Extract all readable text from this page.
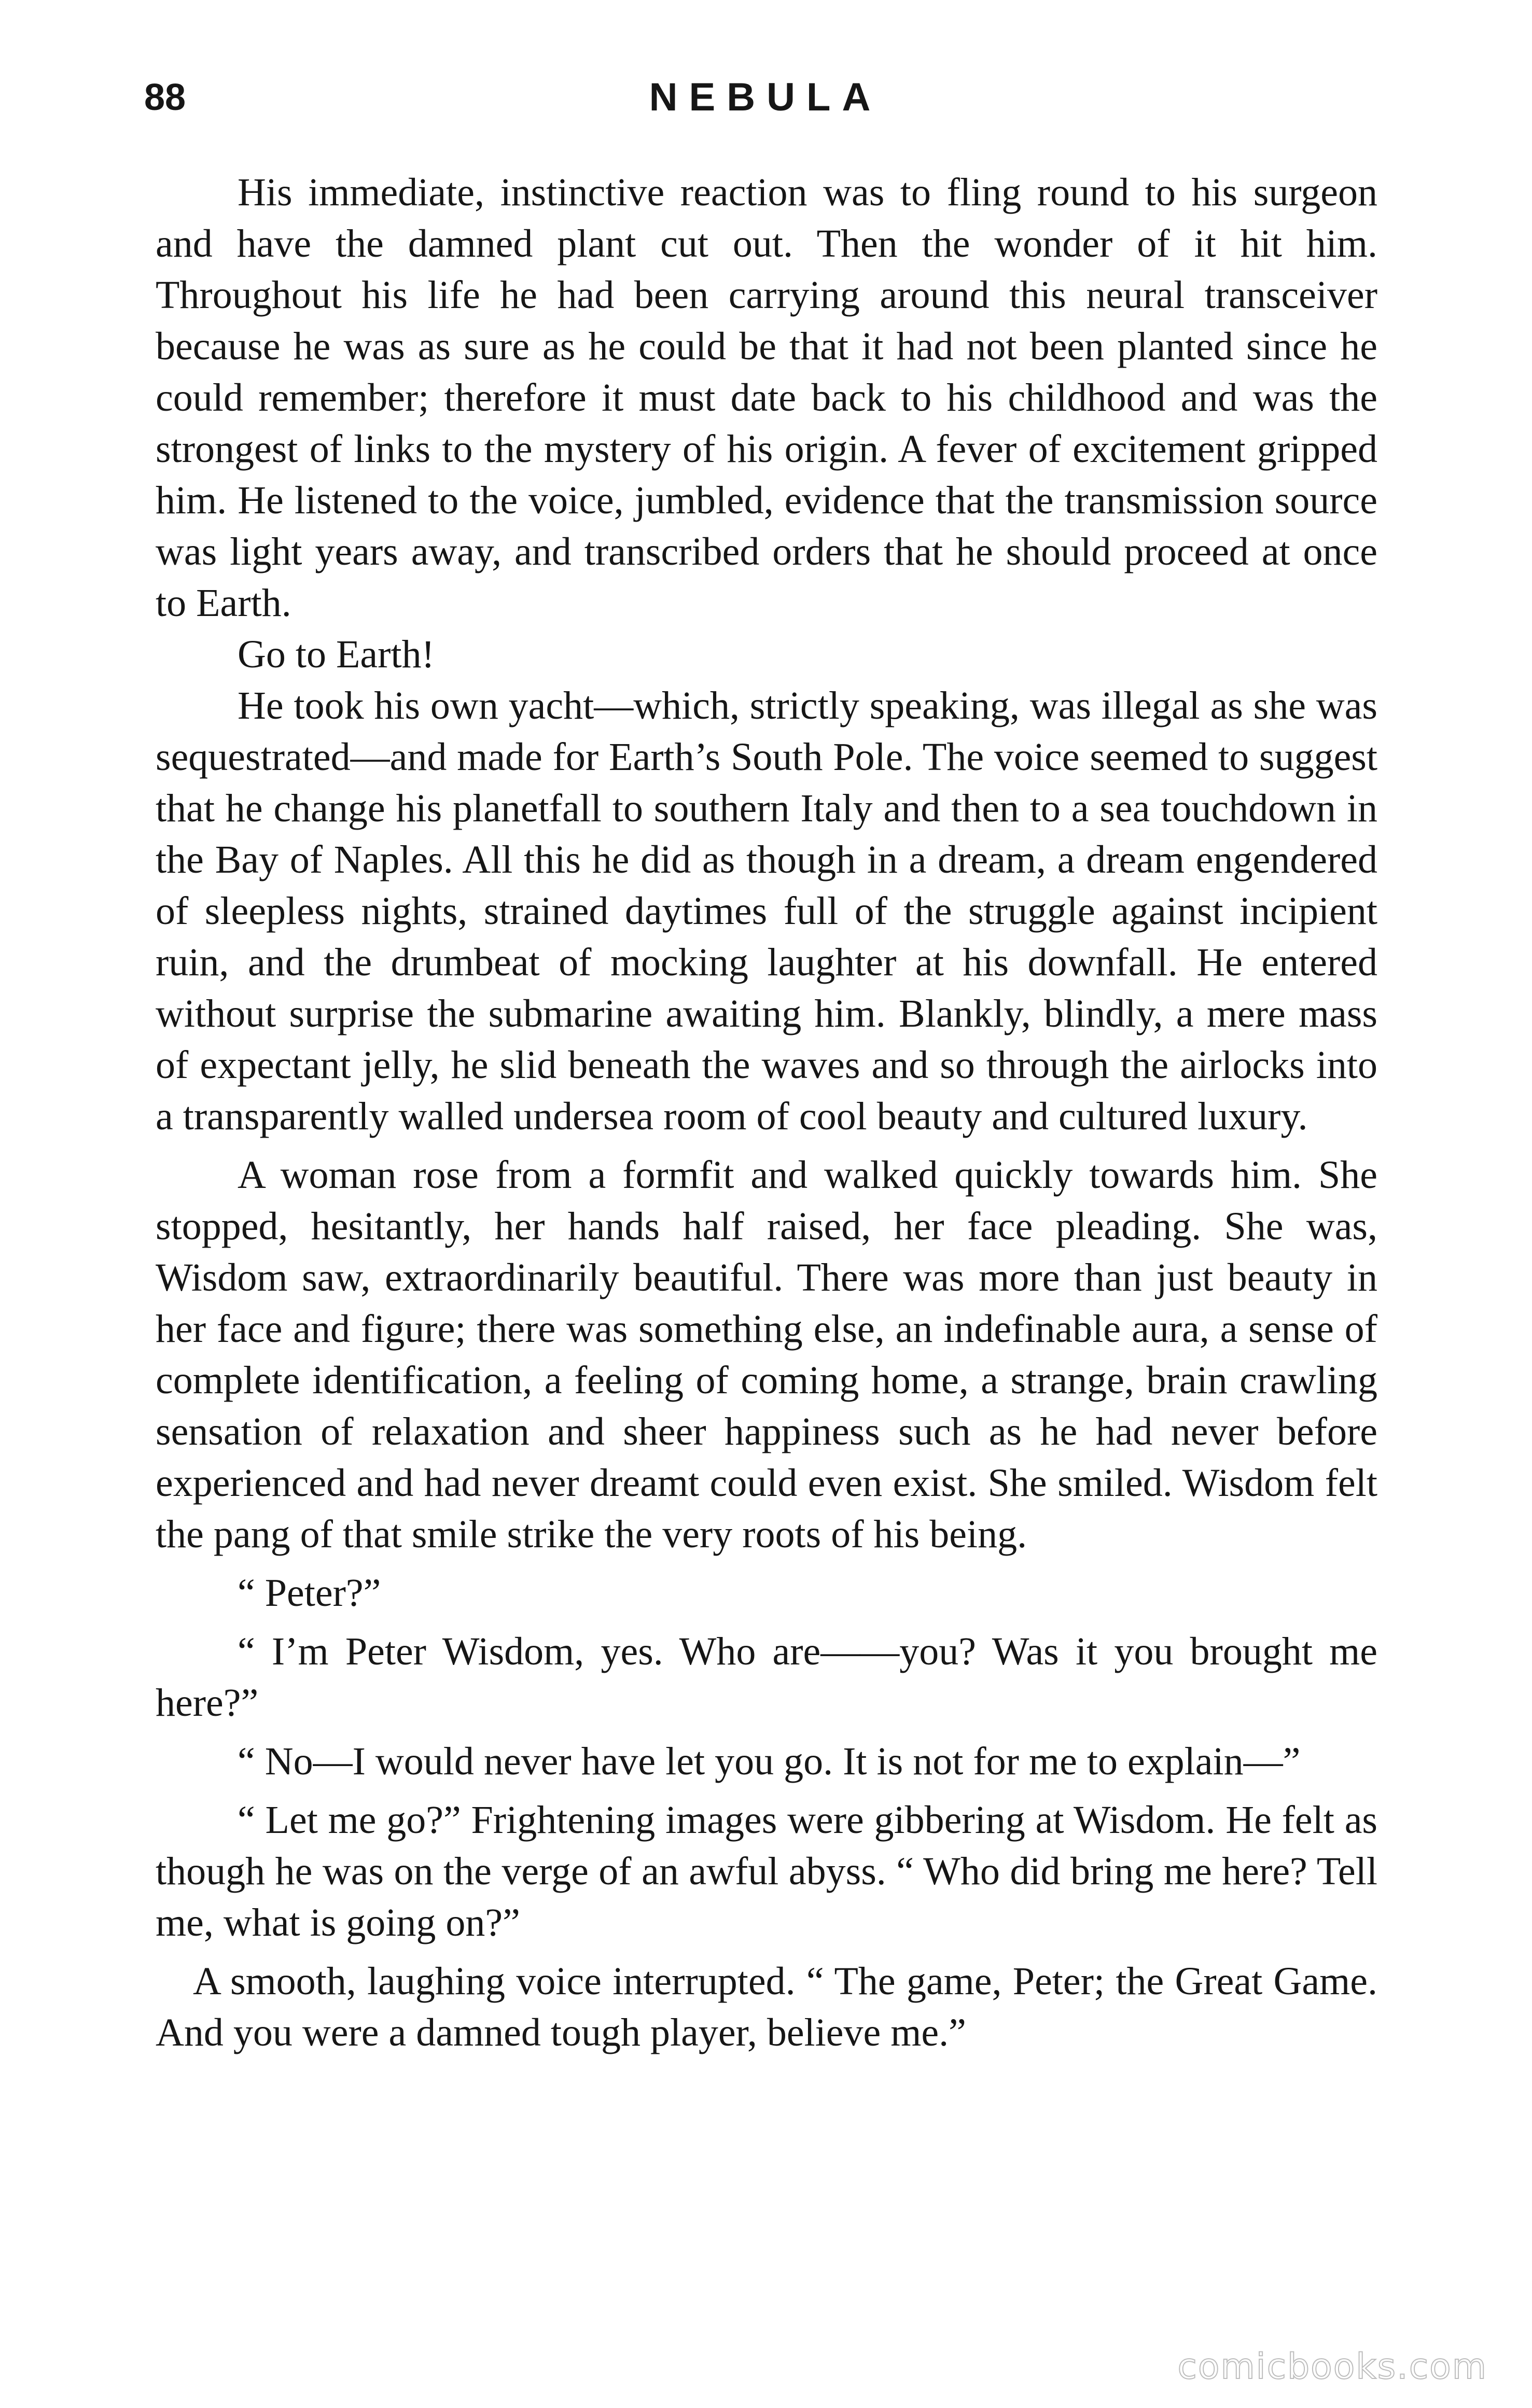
88	NEBULA

His immediate, instinctive reaction was to fling round to his surgeon and have the damned plant cut out. Then the wonder of it hit him. Throughout his life he had been carrying around this neural transceiver because he was as sure as he could be that it had not been planted since he could remember; therefore it must date back to his childhood and was the strongest of links to the mystery of his origin. A fever of excitement gripped him. He listened to the voice, jumbled, evidence that the transmission source was light years away, and transcribed orders that he should proceed at once to Earth.

Go to Earth!

He took his own yacht—which, strictly speaking, was illegal as she was sequestrated—and made for Earth’s South Pole. The voice seemed to suggest that he change his planetfall to southern Italy and then to a sea touchdown in the Bay of Naples. All this he did as though in a dream, a dream engendered of sleepless nights, strained daytimes full of the struggle against incipient ruin, and the drumbeat of mocking laughter at his downfall. He entered without surprise the submarine awaiting him. Blankly, blindly, a mere mass of expectant jelly, he slid beneath the waves and so through the airlocks into a transparently walled undersea room of cool beauty and cultured luxury.

A woman rose from a formfit and walked quickly towards him. She stopped, hesitantly, her hands half raised, her face pleading. She was, Wisdom saw, extraordinarily beautiful. There was more than just beauty in her face and figure; there was something else, an indefinable aura, a sense of complete identification, a feeling of coming home, a strange, brain crawling sensation of relaxation and sheer happiness such as he had never before experienced and had never dreamt could even exist. She smiled. Wisdom felt the pang of that smile strike the very roots of his being.

“ Peter?”

“ I’m Peter Wisdom, yes. Who are——you? Was it you brought me here?”

“ No—I would never have let you go. It is not for me to explain—”

“ Let me go?” Frightening images were gibbering at Wisdom. He felt as though he was on the verge of an awful abyss. “ Who did bring me here? Tell me, what is going on?”

A smooth, laughing voice interrupted. “ The game, Peter; the Great Game. And you were a damned tough player, believe me.”

comicbooks.com
